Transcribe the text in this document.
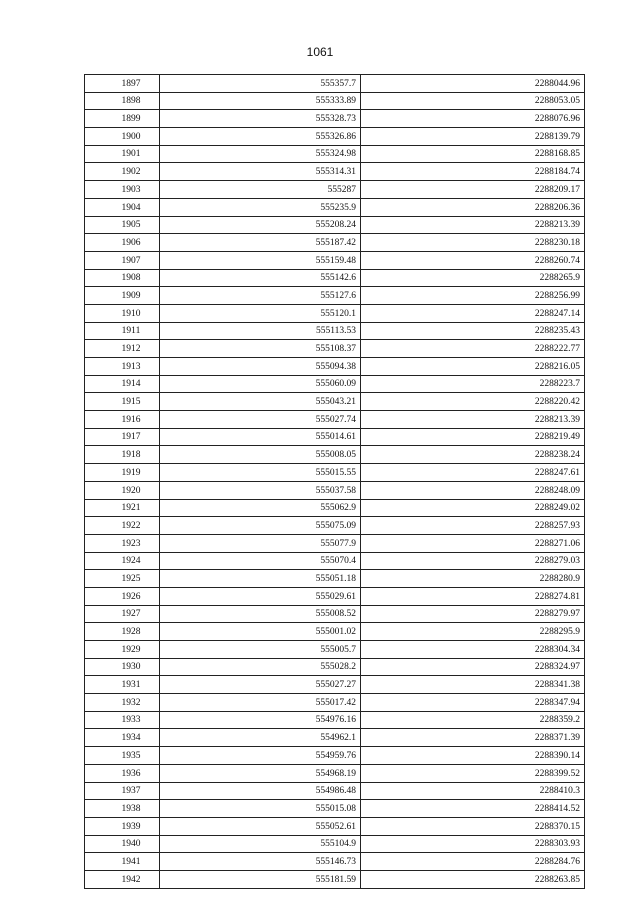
1061
1897	555357.7	2288044.96
1898	555333.89	2288053.05
1899	555328.73	2288076.96
1900	555326.86	2288139.79
1901	555324.98	2288168.85
1902	555314.31	2288184.74
1903	555287	2288209.17
1904	555235.9	2288206.36
1905	555208.24	2288213.39
1906	555187.42	2288230.18
1907	555159.48	2288260.74
1908	555142.6	2288265.9
1909	555127.6	2288256.99
1910	555120.1	2288247.14
1911	555113.53	2288235.43
1912	555108.37	2288222.77
1913	555094.38	2288216.05
1914	555060.09	2288223.7
1915	555043.21	2288220.42
1916	555027.74	2288213.39
1917	555014.61	2288219.49
1918	555008.05	2288238.24
1919	555015.55	2288247.61
1920	555037.58	2288248.09
1921	555062.9	2288249.02
1922	555075.09	2288257.93
1923	555077.9	2288271.06
1924	555070.4	2288279.03
1925	555051.18	2288280.9
1926	555029.61	2288274.81
1927	555008.52	2288279.97
1928	555001.02	2288295.9
1929	555005.7	2288304.34
1930	555028.2	2288324.97
1931	555027.27	2288341.38
1932	555017.42	2288347.94
1933	554976.16	2288359.2
1934	554962.1	2288371.39
1935	554959.76	2288390.14
1936	554968.19	2288399.52
1937	554986.48	2288410.3
1938	555015.08	2288414.52
1939	555052.61	2288370.15
1940	555104.9	2288303.93
1941	555146.73	2288284.76
1942	555181.59	2288263.85
